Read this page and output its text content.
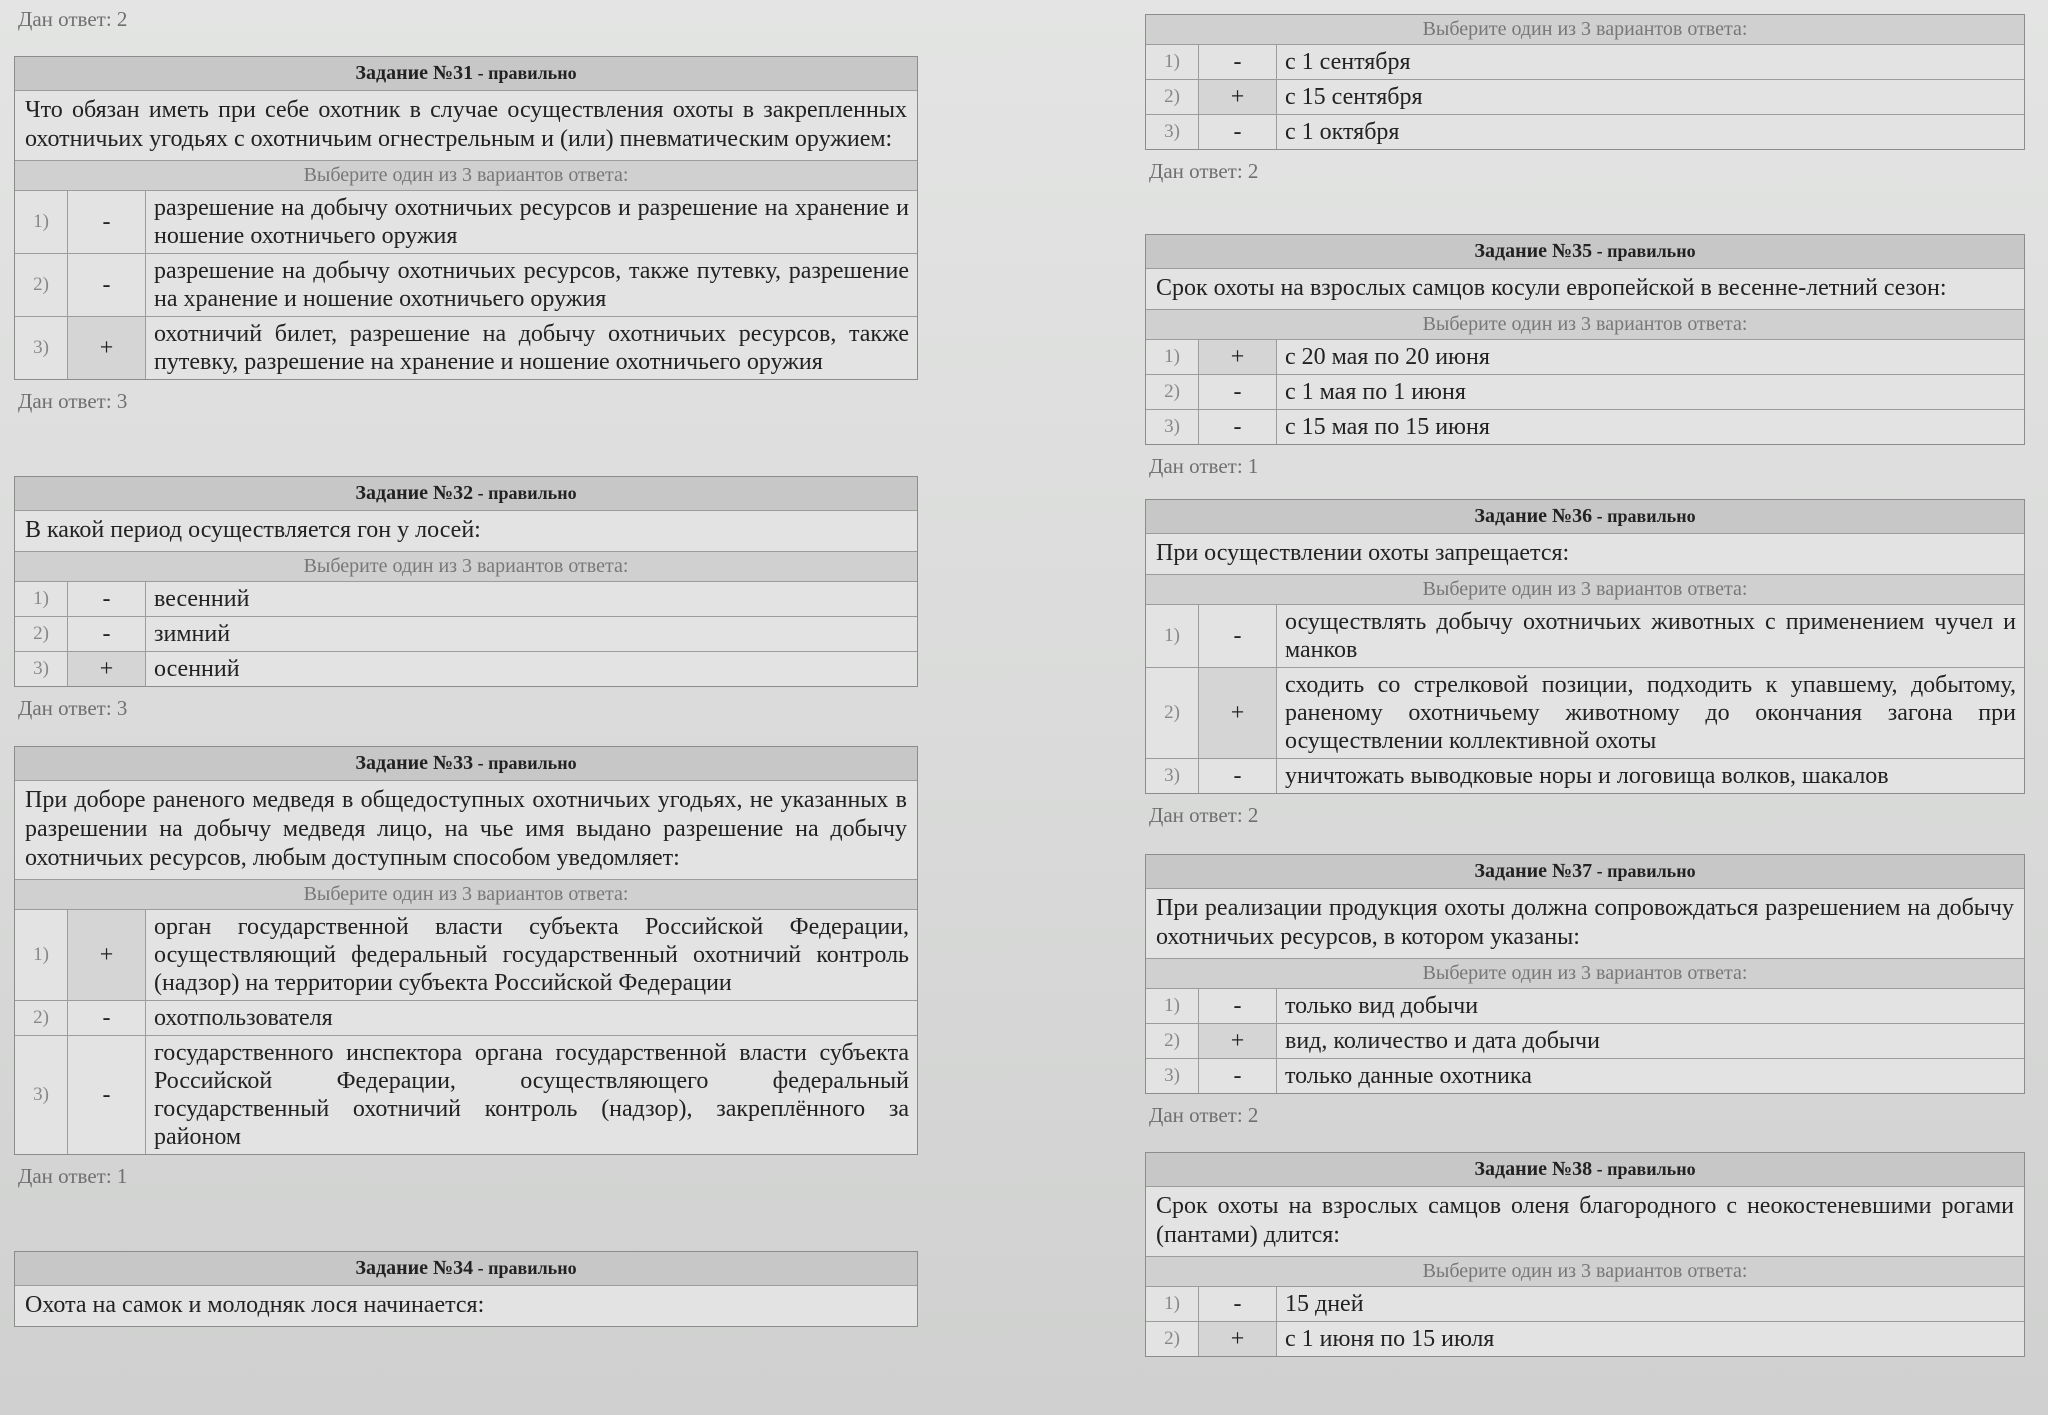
Дан ответ: 2
Задание №31 - правильно
Что обязан иметь при себе охотник в случае осуществления охоты в закрепленных охотничьих угодьях с охотничьим огнестрельным и (или) пневматическим оружием:
Выберите один из 3 вариантов ответа:
1)	-	разрешение на добычу охотничьих ресурсов и разрешение на хранение и ношение охотничьего оружия
2)	-	разрешение на добычу охотничьих ресурсов, также путевку, разрешение на хранение и ношение охотничьего оружия
3)	+	охотничий билет, разрешение на добычу охотничьих ресурсов, также путевку, разрешение на хранение и ношение охотничьего оружия
Дан ответ: 3
Задание №32 - правильно
В какой период осуществляется гон у лосей:
Выберите один из 3 вариантов ответа:
1)	-	весенний
2)	-	зимний
3)	+	осенний
Дан ответ: 3
Задание №33 - правильно
При доборе раненого медведя в общедоступных охотничьих угодьях, не указанных в разрешении на добычу медведя лицо, на чье имя выдано разрешение на добычу охотничьих ресурсов, любым доступным способом уведомляет:
Выберите один из 3 вариантов ответа:
1)	+	орган государственной власти субъекта Российской Федерации, осуществляющий федеральный государственный охотничий контроль (надзор) на территории субъекта Российской Федерации
2)	-	охотпользователя
3)	-	государственного инспектора органа государственной власти субъекта Российской Федерации, осуществляющего федеральный государственный охотничий контроль (надзор), закреплённого за районом
Дан ответ: 1
Задание №34 - правильно
Охота на самок и молодняк лося начинается:
Выберите один из 3 вариантов ответа:
1)	-	с 1 сентября
2)	+	с 15 сентября
3)	-	с 1 октября
Дан ответ: 2
Задание №35 - правильно
Срок охоты на взрослых самцов косули европейской в весенне-летний сезон:
Выберите один из 3 вариантов ответа:
1)	+	с 20 мая по 20 июня
2)	-	с 1 мая по 1 июня
3)	-	с 15 мая по 15 июня
Дан ответ: 1
Задание №36 - правильно
При осуществлении охоты запрещается:
Выберите один из 3 вариантов ответа:
1)	-	осуществлять добычу охотничьих животных с применением чучел и манков
2)	+	сходить со стрелковой позиции, подходить к упавшему, добытому, раненому охотничьему животному до окончания загона при осуществлении коллективной охоты
3)	-	уничтожать выводковые норы и логовища волков, шакалов
Дан ответ: 2
Задание №37 - правильно
При реализации продукция охоты должна сопровождаться разрешением на добычу охотничьих ресурсов, в котором указаны:
Выберите один из 3 вариантов ответа:
1)	-	только вид добычи
2)	+	вид, количество и дата добычи
3)	-	только данные охотника
Дан ответ: 2
Задание №38 - правильно
Срок охоты на взрослых самцов оленя благородного с неокостеневшими рогами (пантами) длится:
Выберите один из 3 вариантов ответа:
1)	-	15 дней
2)	+	с 1 июня по 15 июля
